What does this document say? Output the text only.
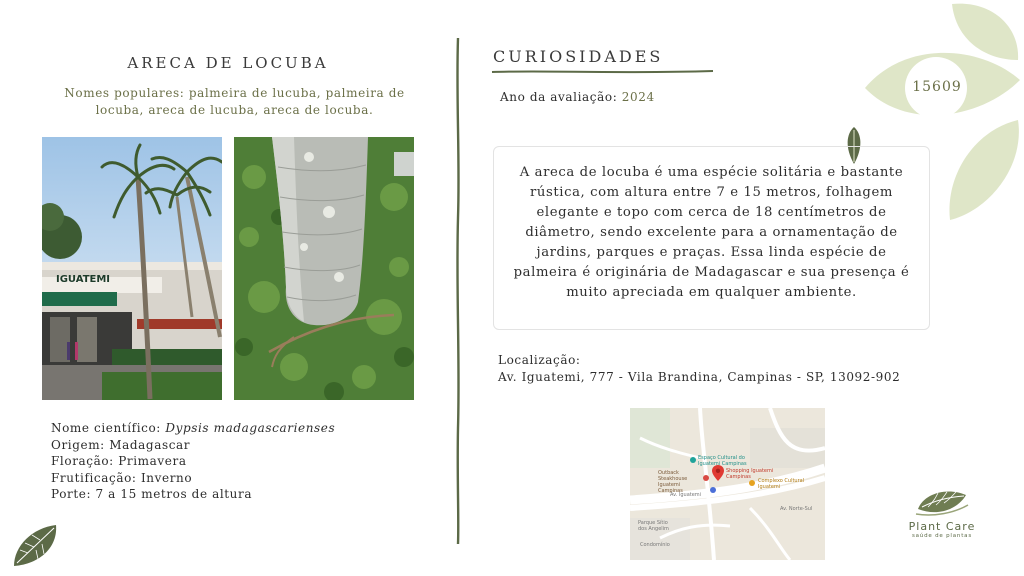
15609
ARECA DE LOCUBA
Nomes populares: palmeira de lucuba, palmeira de locuba, areca de lucuba, areca de locuba.
IGUATEMI
Nome científico: Dypsis madagascarienses
Origem: Madagascar
Floração: Primavera
Frutificação: Inverno
Porte: 7 a 15 metros de altura
CURIOSIDADES
Ano da avaliação: 2024
A areca de locuba é uma espécie solitária e bastante rústica, com altura entre 7 e 15 metros, folhagem elegante e topo com cerca de 18 centímetros de diâmetro, sendo excelente para a ornamentação de jardins, parques e praças. Essa linda espécie de palmeira é originária de Madagascar e sua presença é muito apreciada em qualquer ambiente.
Localização:
Av. Iguatemi, 777 - Vila Brandina, Campinas - SP, 13092-902
Espaço Cultural do Iguatemi Campinas
Shopping Iguatemi Campinas
Outback Steakhouse Iguatemi Campinas
Complexo Cultural Iguatemi
Av. Iguatemi
Av. Norte-Sul
Parque Sítio dos Angelim
Condomínio
Plant Care
saúde de plantas
